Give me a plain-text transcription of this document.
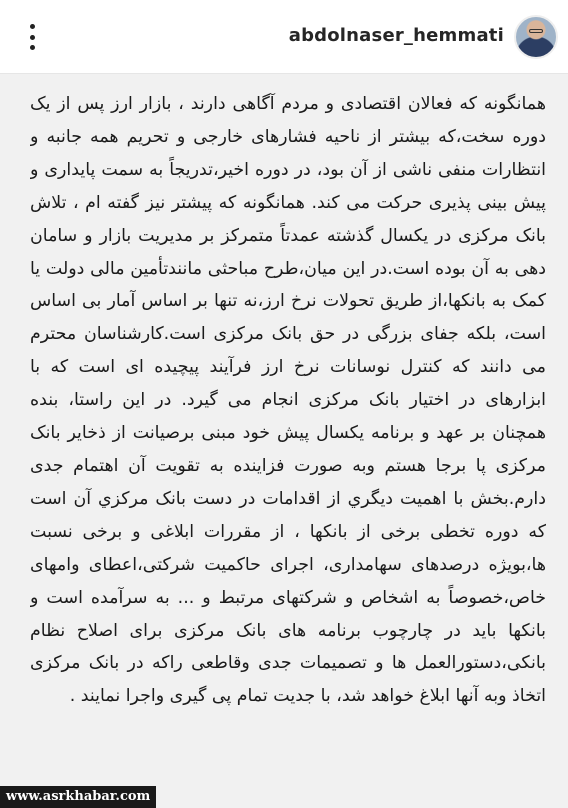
abdolnaser_hemmati
همانگونه که فعالان اقتصادی و مردم آگاهی دارند ، بازار ارز پس از یک دوره سخت،که بیشتر از ناحیه فشارهای خارجی و تحریم همه جانبه و انتظارات منفی ناشی از آن بود، در دوره اخیر،تدریجاً به سمت پایداری و پیش بینی پذیری حرکت می کند. همانگونه که پیشتر نیز گفته ام ، تلاش بانک مرکزی در یکسال گذشته عمدتاً متمرکز بر مدیریت بازار و سامان دهی به آن بوده است.در این میان،طرح مباحثی مانندتأمین مالی دولت یا کمک به بانکها،از طریق تحولات نرخ ارز،نه تنها بر اساس آمار بی اساس است، بلکه جفای بزرگی در حق بانک مرکزی است.کارشناسان محترم می دانند که کنترل نوسانات نرخ ارز فرآیند پیچیده ای است که با ابزارهای در اختیار بانک مرکزی انجام می گیرد. در این راستا، بنده همچنان بر عهد و برنامه یکسال پیش خود مبنی برصیانت از ذخایر بانک مرکزی پا برجا هستم وبه صورت فزاینده به تقویت آن اهتمام جدی دارم.بخش با اهمیت دیگري از اقدامات در دست بانک مرکزي آن است که دوره تخطی برخی از بانکها ، از مقررات ابلاغی و برخی نسبت ها،بویژه درصدهای سهامداری، اجرای حاکمیت شرکتی،اعطای وامهای خاص،خصوصاً به اشخاص و شرکتهای مرتبط و ... به سرآمده است و بانکها باید در چارچوب برنامه های بانک مرکزی برای اصلاح نظام بانکی،دستورالعمل ها و تصمیمات جدی وقاطعی راکه در بانک مرکزی اتخاذ وبه آنها ابلاغ خواهد شد، با جدیت تمام پی گیری واجرا نمایند .
www.asrkhabar.com
